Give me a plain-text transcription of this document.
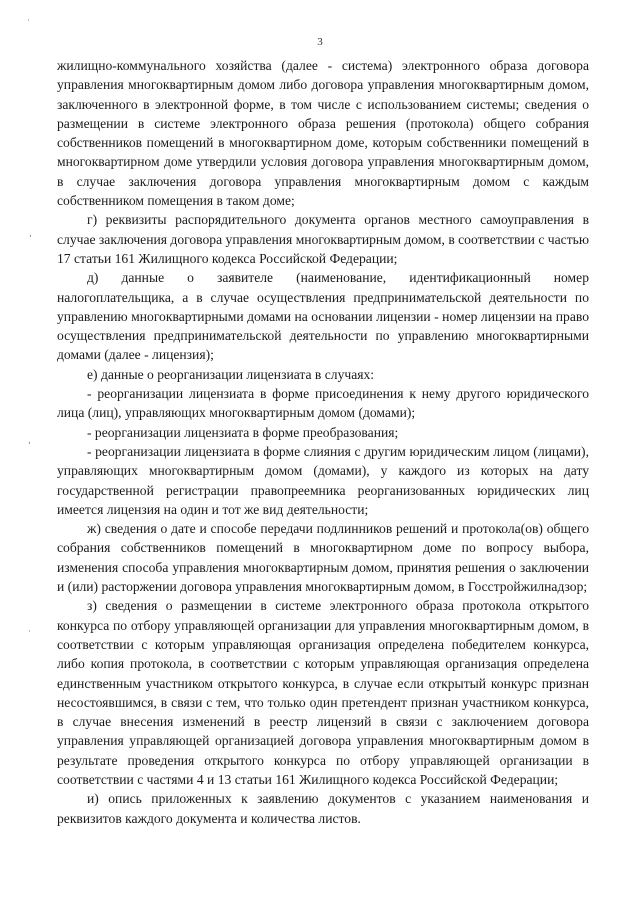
·
,
,
·
3

жилищно-коммунального хозяйства (далее - система) электронного образа договора управления многоквартирным домом либо договора управления многоквартирным домом, заключенного в электронной форме, в том числе с использованием системы; сведения о размещении в системе электронного образа решения (протокола) общего собрания собственников помещений в многоквартирном доме, которым собственники помещений в многоквартирном доме утвердили условия договора управления многоквартирным домом, в случае заключения договора управления многоквартирным домом с каждым собственником помещения в таком доме;

г) реквизиты распорядительного документа органов местного самоуправления в случае заключения договора управления многоквартирным домом, в соответствии с частью 17 статьи 161 Жилищного кодекса Российской Федерации;

д) данные о заявителе (наименование, идентификационный номер налогоплательщика, а в случае осуществления предпринимательской деятельности по управлению многоквартирными домами на основании лицензии - номер лицензии на право осуществления предпринимательской деятельности по управлению многоквартирными домами (далее - лицензия);

е) данные о реорганизации лицензиата в случаях:

- реорганизации лицензиата в форме присоединения к нему другого юридического лица (лиц), управляющих многоквартирным домом (домами);

- реорганизации лицензиата в форме преобразования;

- реорганизации лицензиата в форме слияния с другим юридическим лицом (лицами), управляющих многоквартирным домом (домами), у каждого из которых на дату государственной регистрации правопреемника реорганизованных юридических лиц имеется лицензия на один и тот же вид деятельности;

ж) сведения о дате и способе передачи подлинников решений и протокола(ов) общего собрания собственников помещений в многоквартирном доме по вопросу выбора, изменения способа управления многоквартирным домом, принятия решения о заключении и (или) расторжении договора управления многоквартирным домом, в Госстройжилнадзор;

з) сведения о размещении в системе электронного образа протокола открытого конкурса по отбору управляющей организации для управления многоквартирным домом, в соответствии с которым управляющая организация определена победителем конкурса, либо копия протокола, в соответствии с которым управляющая организация определена единственным участником открытого конкурса, в случае если открытый конкурс признан несостоявшимся, в связи с тем, что только один претендент признан участником конкурса, в случае внесения изменений в реестр лицензий в связи с заключением договора управления управляющей организацией договора управления многоквартирным домом в результате проведения открытого конкурса по отбору управляющей организации в соответствии с частями 4 и 13 статьи 161 Жилищного кодекса Российской Федерации;

и) опись приложенных к заявлению документов с указанием наименования и реквизитов каждого документа и количества листов.
